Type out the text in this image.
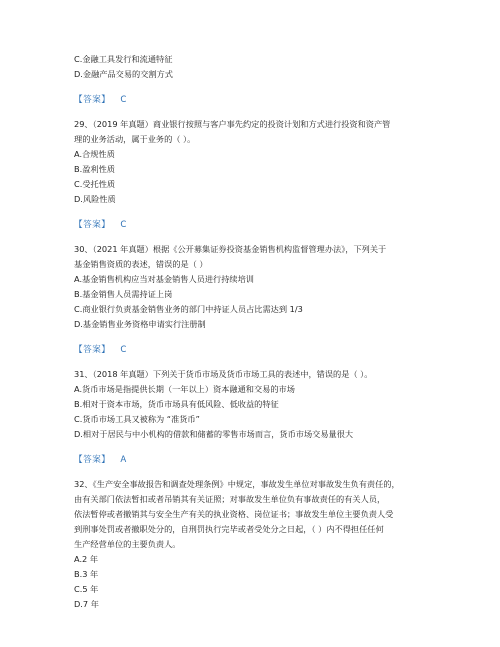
C.金融工具发行和流通特征
D.金融产品交易的交割方式
【答案】 C
29、（2019 年真题）商业银行按照与客户事先约定的投资计划和方式进行投资和资产管
理的业务活动，属于业务的（ ）。
A.合规性质
B.盈利性质
C.受托性质
D.风险性质
【答案】 C
30、（2021 年真题）根据《公开募集证券投资基金销售机构监督管理办法》，下列关于
基金销售资质的表述，错误的是（ ）
A.基金销售机构应当对基金销售人员进行持续培训
B.基金销售人员需持证上岗
C.商业银行负责基金销售业务的部门中持证人员占比需达到 1/3
D.基金销售业务资格申请实行注册制
【答案】 C
31、（2018 年真题）下列关于货币市场及货币市场工具的表述中，错误的是（ ）。
A.货币市场是指提供长期（一年以上）资本融通和交易的市场
B.相对于资本市场，货币市场具有低风险、低收益的特征
C.货币市场工具又被称为 “准货币”
D.相对于居民与中小机构的借款和储蓄的零售市场而言，货币市场交易量很大
【答案】 A
32、《生产安全事故报告和调查处理条例》中规定，事故发生单位对事故发生负有责任的，
由有关部门依法暂扣或者吊销其有关证照；对事故发生单位负有事故责任的有关人员，
依法暂停或者撤销其与安全生产有关的执业资格、岗位证书；事故发生单位主要负责人受
到刑事处罚或者撤职处分的，自刑罚执行完毕或者受处分之日起，（ ）内不得担任任何
生产经营单位的主要负责人。
A.2 年
B.3 年
C.5 年
D.7 年
